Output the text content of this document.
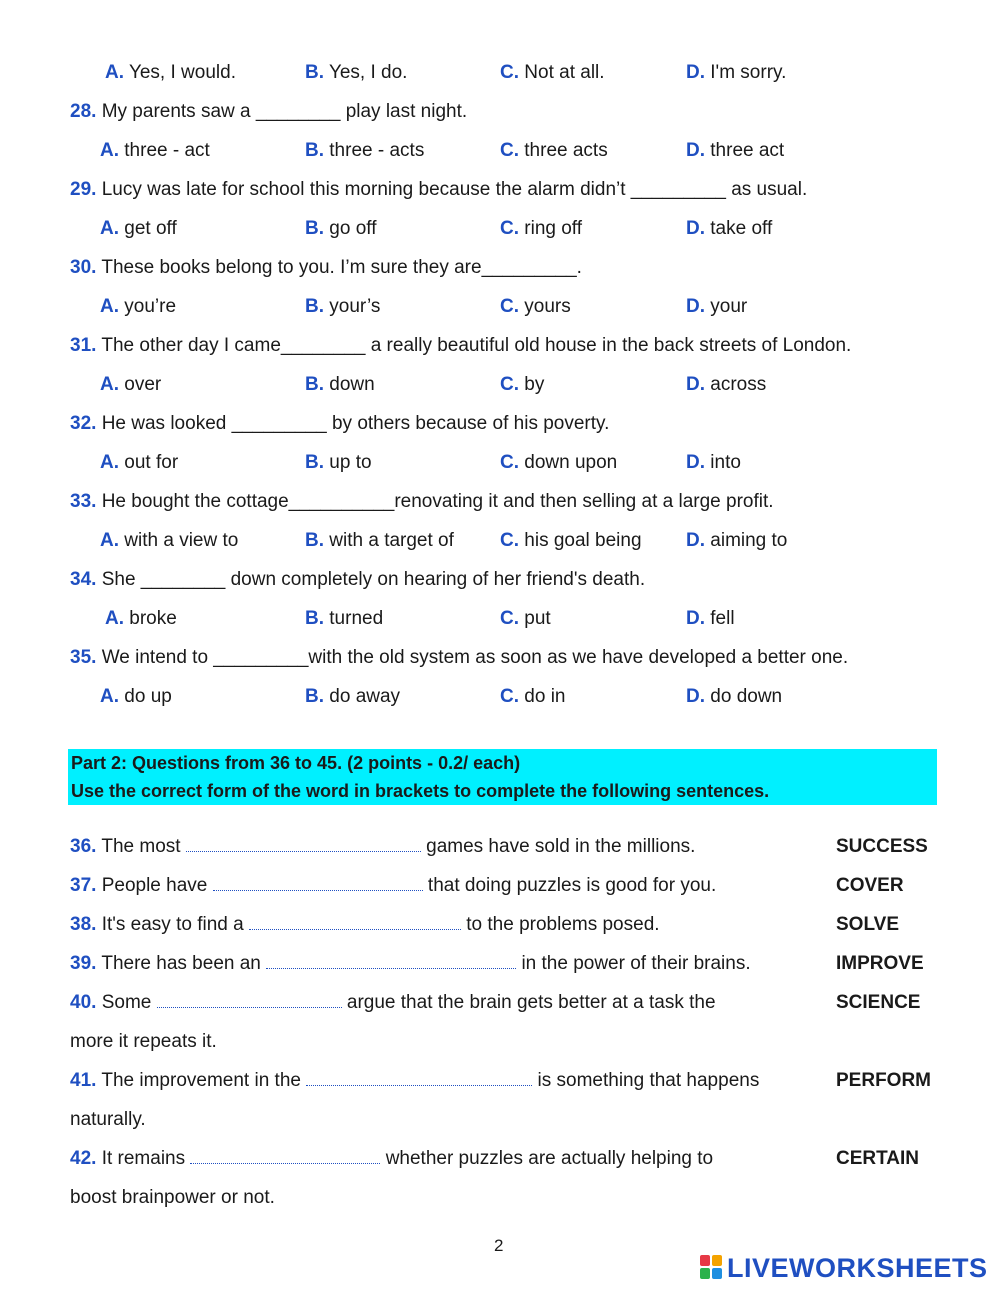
A. Yes, I would.	B. Yes, I do.	C. Not at all.	D. I'm sorry.
28. My parents saw a ________ play last night.
A. three - act	B. three - acts	C. three acts	D. three act
29. Lucy was late for school this morning because the alarm didn’t _________ as usual.
A. get off	B. go off	C. ring off	D. take off
30. These books belong to you. I’m sure they are_________.
A. you’re	B. your’s	C. yours	D. your
31. The other day I came________ a really beautiful old house in the back streets of London.
A. over	B. down	C. by	D. across
32. He was looked _________ by others because of his poverty.
A. out for	B. up to	C. down upon	D. into
33. He bought the cottage__________renovating it and then selling at a large profit.
A. with a view to	B. with a target of C. his goal being D. aiming to
34. She ________ down completely on hearing of her friend's death.
A. broke	B. turned	C. put	D. fell
35. We intend to _________with the old system as soon as we have developed a better one.
A. do up	B. do away	C. do in	D. do down
Part 2: Questions from 36 to 45. (2 points - 0.2/ each)
Use the correct form of the word in brackets to complete the following sentences.
36. The most	games have sold in the millions.	SUCCESS
37. People have	that doing puzzles is good for you.	COVER
38. It's easy to find a	to the problems posed.	SOLVE
39. There has been an	in the power of their brains.	IMPROVE
40. Some	argue that the brain gets better at a task the	SCIENCE
more it repeats it.
41. The improvement in the	is something that happens	PERFORM
naturally.
42. It remains	whether puzzles are actually helping to	CERTAIN
boost brainpower or not.
2
LIVEWORKSHEETS
